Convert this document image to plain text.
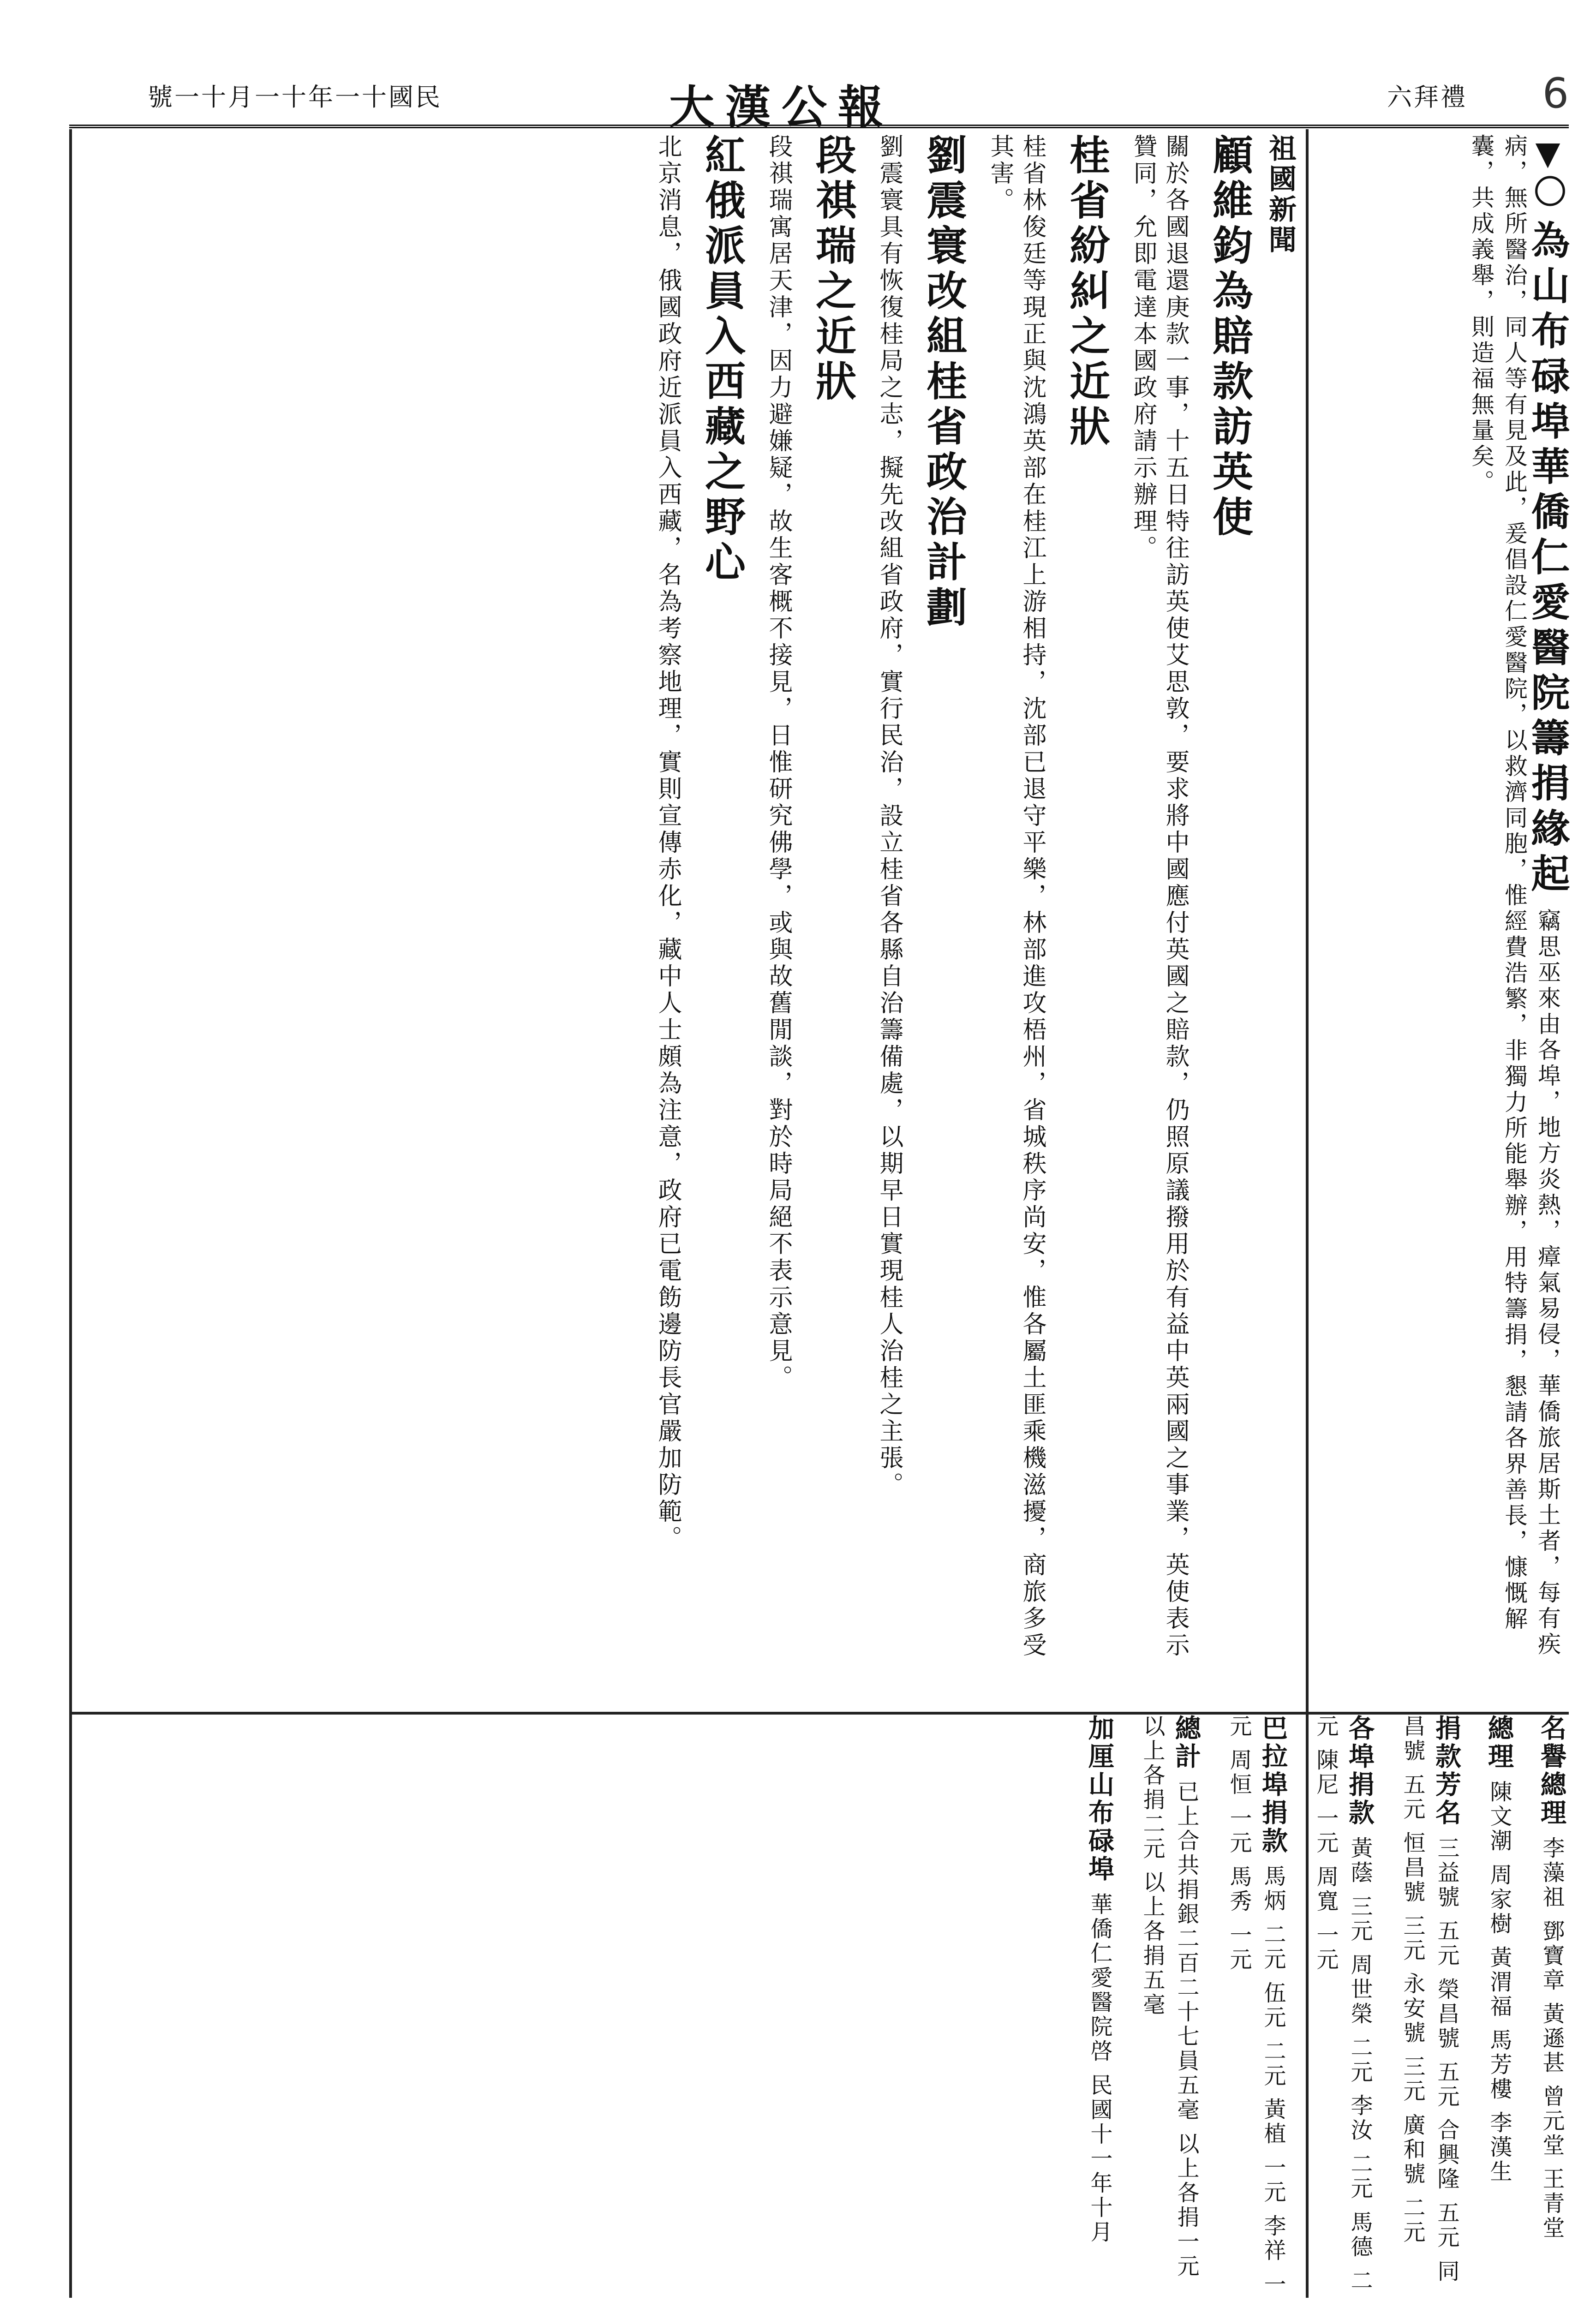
號一十月一十年一十國民	大漢公報	六拜禮 6
祖國新聞
顧維鈞為賠款訪英使
關於各國退還庚款一事，十五日特往訪英使艾思敦，要求將中國應付英國之賠款，仍照原議撥用於有益中英兩國之事業，英使表示贊同，允即電達本國政府請示辦理。
桂省紛糾之近狀
桂省林俊廷等現正與沈鴻英部在桂江上游相持，沈部已退守平樂，林部進攻梧州，省城秩序尚安，惟各屬土匪乘機滋擾，商旅多受其害。
劉震寰改組桂省政治計劃
劉震寰具有恢復桂局之志，擬先改組省政府，實行民治，設立桂省各縣自治籌備處，以期早日實現桂人治桂之主張。
段祺瑞之近狀
段祺瑞寓居天津，因力避嫌疑，故生客概不接見，日惟研究佛學，或與故舊閒談，對於時局絕不表示意見。
紅俄派員入西藏之野心
北京消息，俄國政府近派員入西藏，名為考察地理，實則宣傳赤化，藏中人士頗為注意，政府已電飭邊防長官嚴加防範。	▼〇 為山布碌埠華僑仁愛醫院籌捐緣起 竊思巫來由各埠，地方炎熱，瘴氣易侵，華僑旅居斯土者，每有疾病，無所醫治，同人等有見及此，爰倡設仁愛醫院，以救濟同胞，惟經費浩繁，非獨力所能舉辦，用特籌捐，懇請各界善長，慷慨解囊，共成義舉，則造福無量矣。
名譽總理 李藻祖 鄧寶章 黃遜甚 曾元堂 王青堂
總理 陳文潮 周家樹 黃渭福 馬芳樓 李漢生
捐款芳名 三益號 五元 榮昌號 五元 合興隆 五元 同昌號 五元 恒昌號 三元 永安號 三元 廣和號 二元
各埠捐款 黃蔭 三元 周世榮 二元 李汝 二元 馬德 二元 陳尼 一元 周寬 一元
巴拉埠捐款 馬炳 二元 伍元 二元 黃植 一元 李祥 一元 周恒 一元 馬秀 一元
總計 已上合共捐銀二百二十七員五毫 以上各捐一元 以上各捐二元 以上各捐五毫
加厘山布碌埠 華僑仁愛醫院啓 民國十一年十月
